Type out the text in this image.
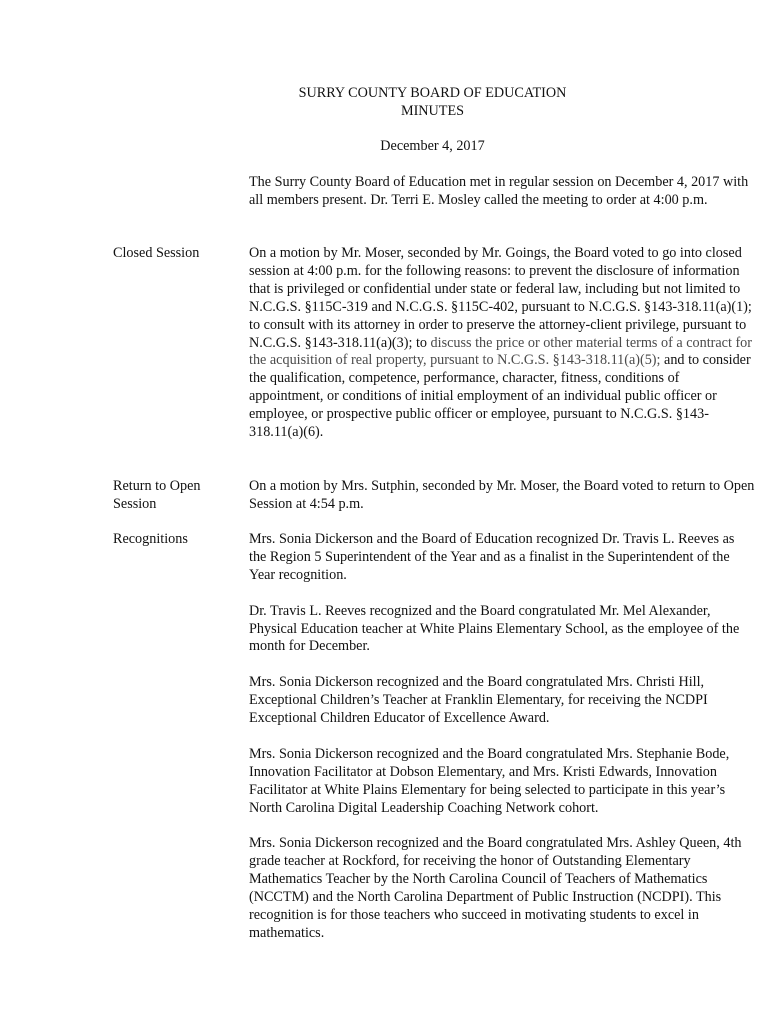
SURRY COUNTY BOARD OF EDUCATION
MINUTES
December 4, 2017
The Surry County Board of Education met in regular session on December 4, 2017 with all members present. Dr. Terri E. Mosley called the meeting to order at 4:00 p.m.
Closed Session	On a motion by Mr. Moser, seconded by Mr. Goings, the Board voted to go into closed session at 4:00 p.m. for the following reasons: to prevent the disclosure of information that is privileged or confidential under state or federal law, including but not limited to N.C.G.S. §115C-319 and N.C.G.S. §115C-402, pursuant to N.C.G.S. §143-318.11(a)(1); to consult with its attorney in order to preserve the attorney-client privilege, pursuant to N.C.G.S. §143-318.11(a)(3); to discuss the price or other material terms of a contract for the acquisition of real property, pursuant to N.C.G.S. §143-318.11(a)(5); and to consider the qualification, competence, performance, character, fitness, conditions of appointment, or conditions of initial employment of an individual public officer or employee, or prospective public officer or employee, pursuant to N.C.G.S. §143-318.11(a)(6).
Return to Open Session
On a motion by Mrs. Sutphin, seconded by Mr. Moser, the Board voted to return to Open Session at 4:54 p.m.
Recognitions	Mrs. Sonia Dickerson and the Board of Education recognized Dr. Travis L. Reeves as the Region 5 Superintendent of the Year and as a finalist in the Superintendent of the Year recognition.

Dr. Travis L. Reeves recognized and the Board congratulated Mr. Mel Alexander, Physical Education teacher at White Plains Elementary School, as the employee of the month for December.

Mrs. Sonia Dickerson recognized and the Board congratulated Mrs. Christi Hill, Exceptional Children’s Teacher at Franklin Elementary, for receiving the NCDPI Exceptional Children Educator of Excellence Award.

Mrs. Sonia Dickerson recognized and the Board congratulated Mrs. Stephanie Bode, Innovation Facilitator at Dobson Elementary, and Mrs. Kristi Edwards, Innovation Facilitator at White Plains Elementary for being selected to participate in this year’s North Carolina Digital Leadership Coaching Network cohort.

Mrs. Sonia Dickerson recognized and the Board congratulated Mrs. Ashley Queen, 4th grade teacher at Rockford, for receiving the honor of Outstanding Elementary Mathematics Teacher by the North Carolina Council of Teachers of Mathematics (NCCTM) and the North Carolina Department of Public Instruction (NCDPI). This recognition is for those teachers who succeed in motivating students to excel in mathematics.
